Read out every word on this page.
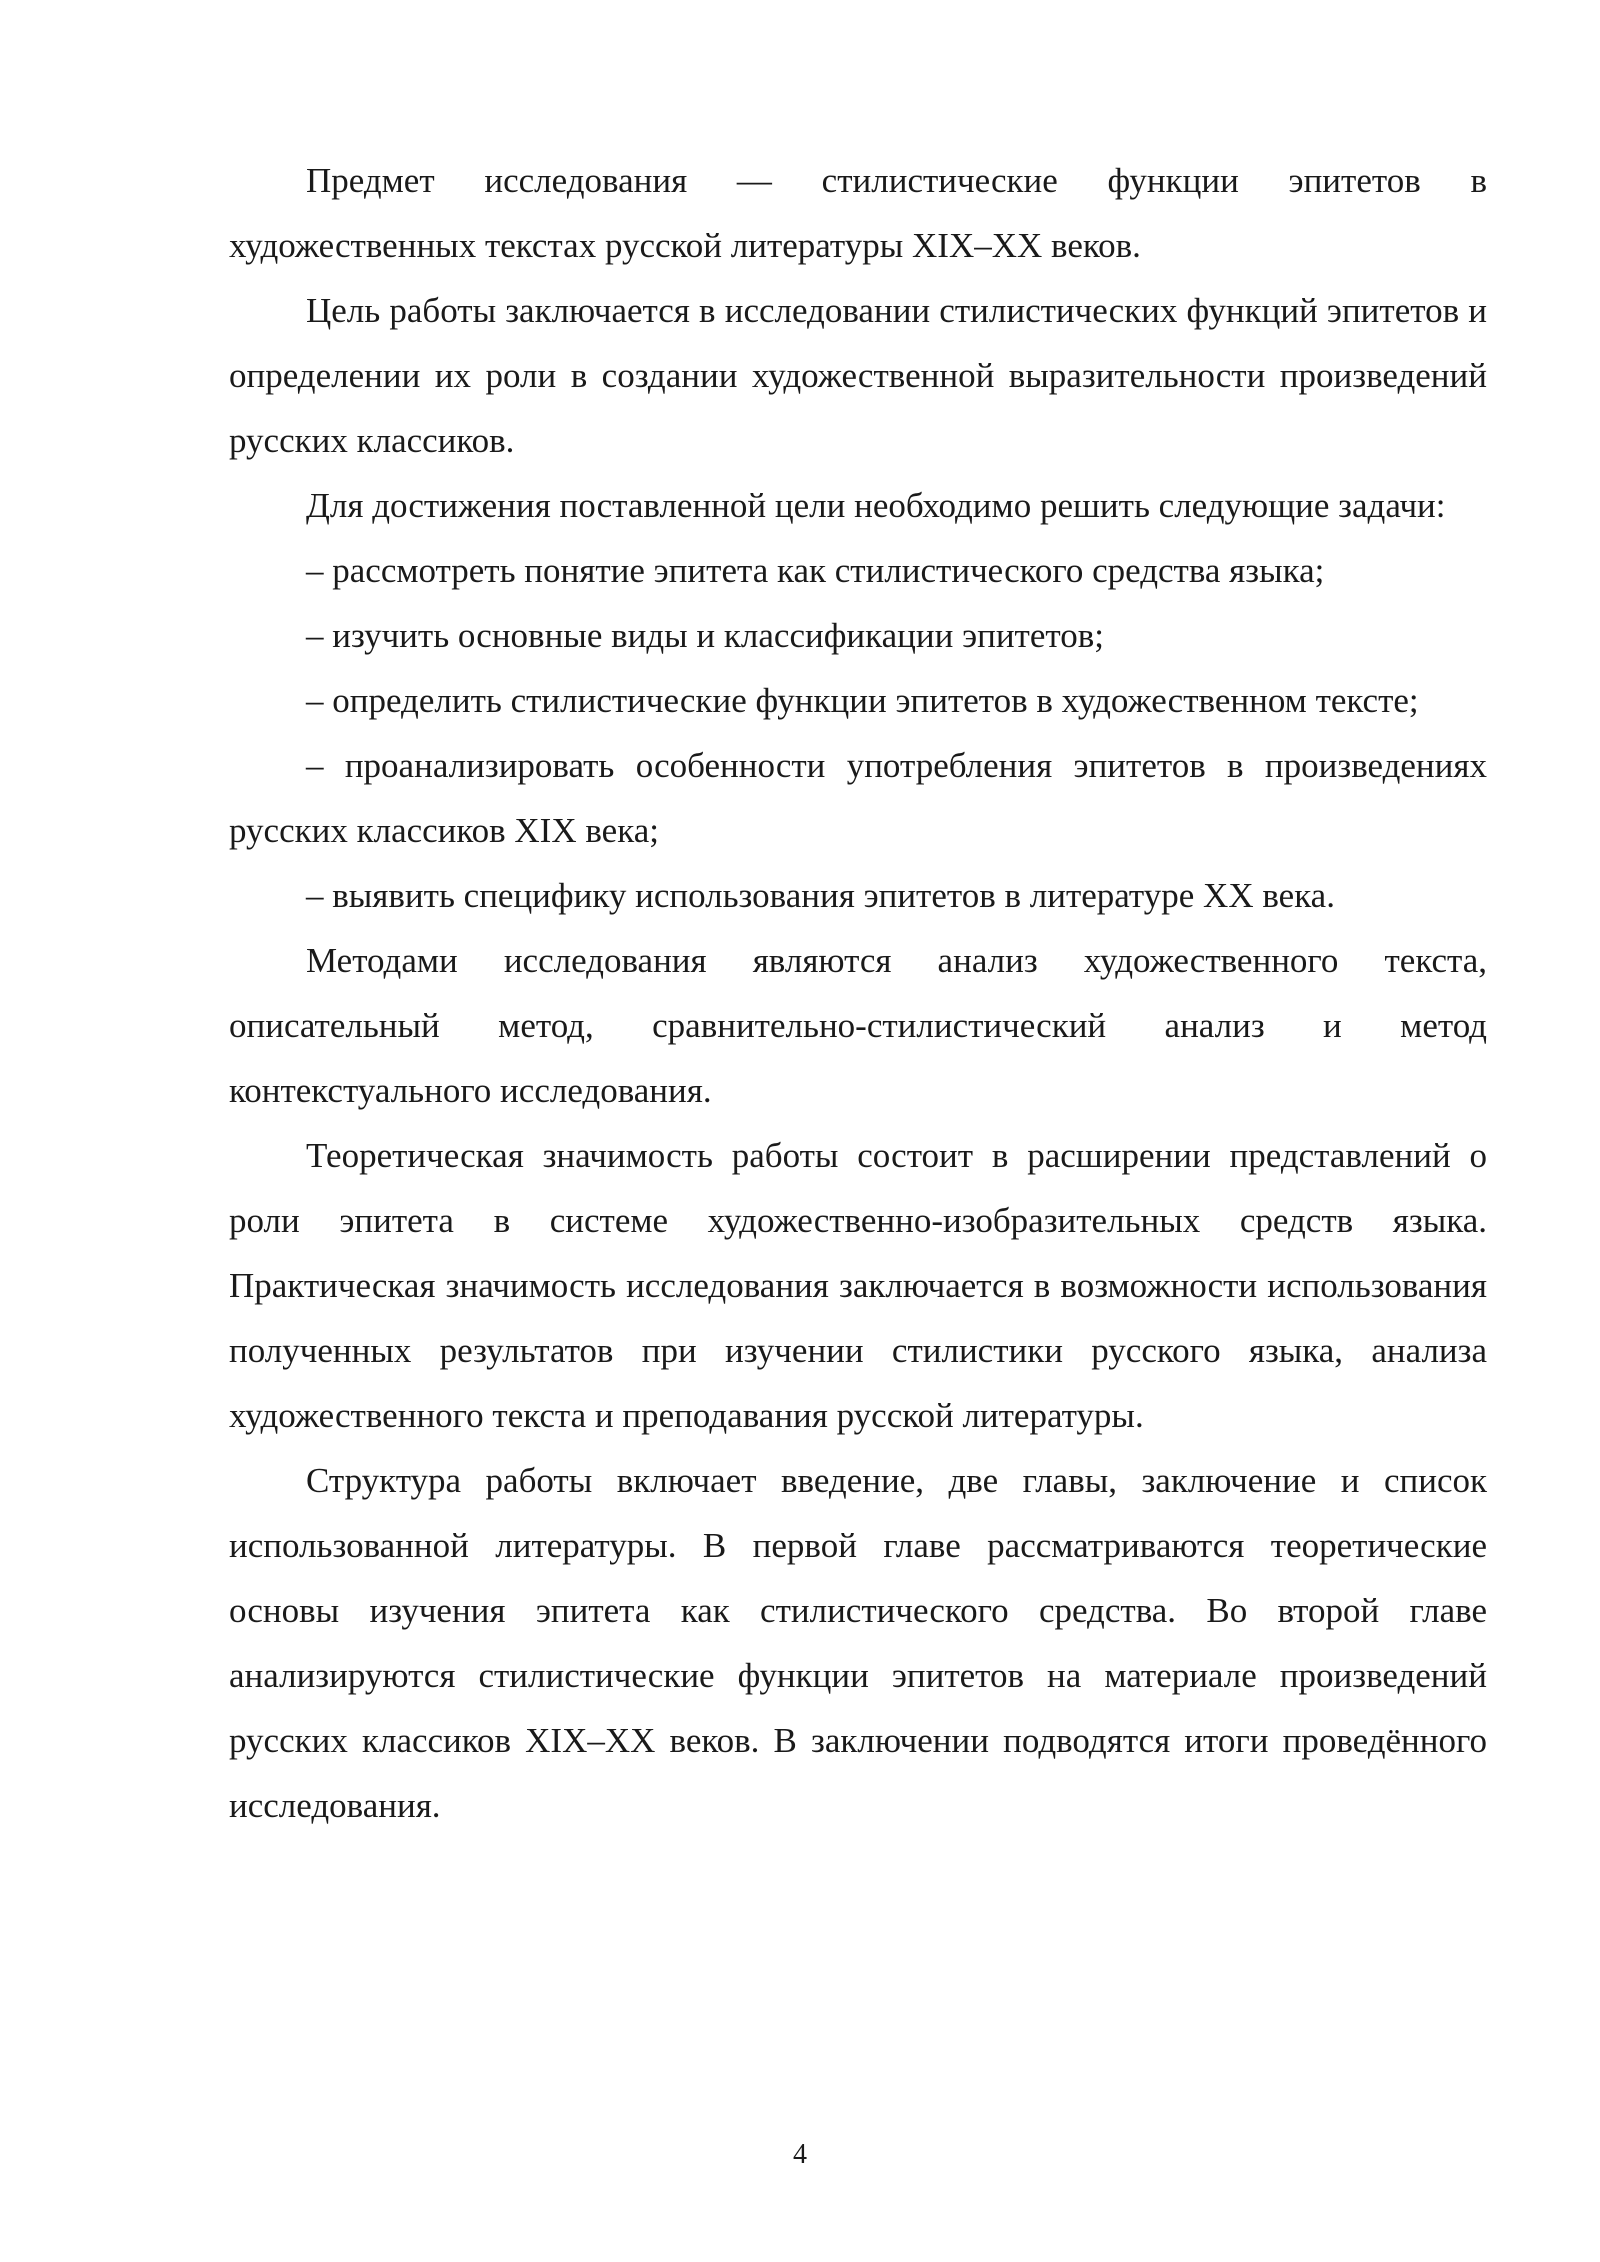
Предмет исследования — стилистические функции эпитетов в художественных текстах русской литературы XIX–XX веков.

Цель работы заключается в исследовании стилистических функций эпитетов и определении их роли в создании художественной выразительности произведений русских классиков.

Для достижения поставленной цели необходимо решить следующие задачи:

– рассмотреть понятие эпитета как стилистического средства языка;

– изучить основные виды и классификации эпитетов;

– определить стилистические функции эпитетов в художественном тексте;

– проанализировать особенности употребления эпитетов в произведениях русских классиков XIX века;

– выявить специфику использования эпитетов в литературе XX века.

Методами исследования являются анализ художественного текста, описательный метод, сравнительно-стилистический анализ и метод контекстуального исследования.

Теоретическая значимость работы состоит в расширении представлений о роли эпитета в системе художественно-изобразительных средств языка. Практическая значимость исследования заключается в возможности использования полученных результатов при изучении стилистики русского языка, анализа художественного текста и преподавания русской литературы.

Структура работы включает введение, две главы, заключение и список использованной литературы. В первой главе рассматриваются теоретические основы изучения эпитета как стилистического средства. Во второй главе анализируются стилистические функции эпитетов на материале произведений русских классиков XIX–XX веков. В заключении подводятся итоги проведённого исследования.

4
